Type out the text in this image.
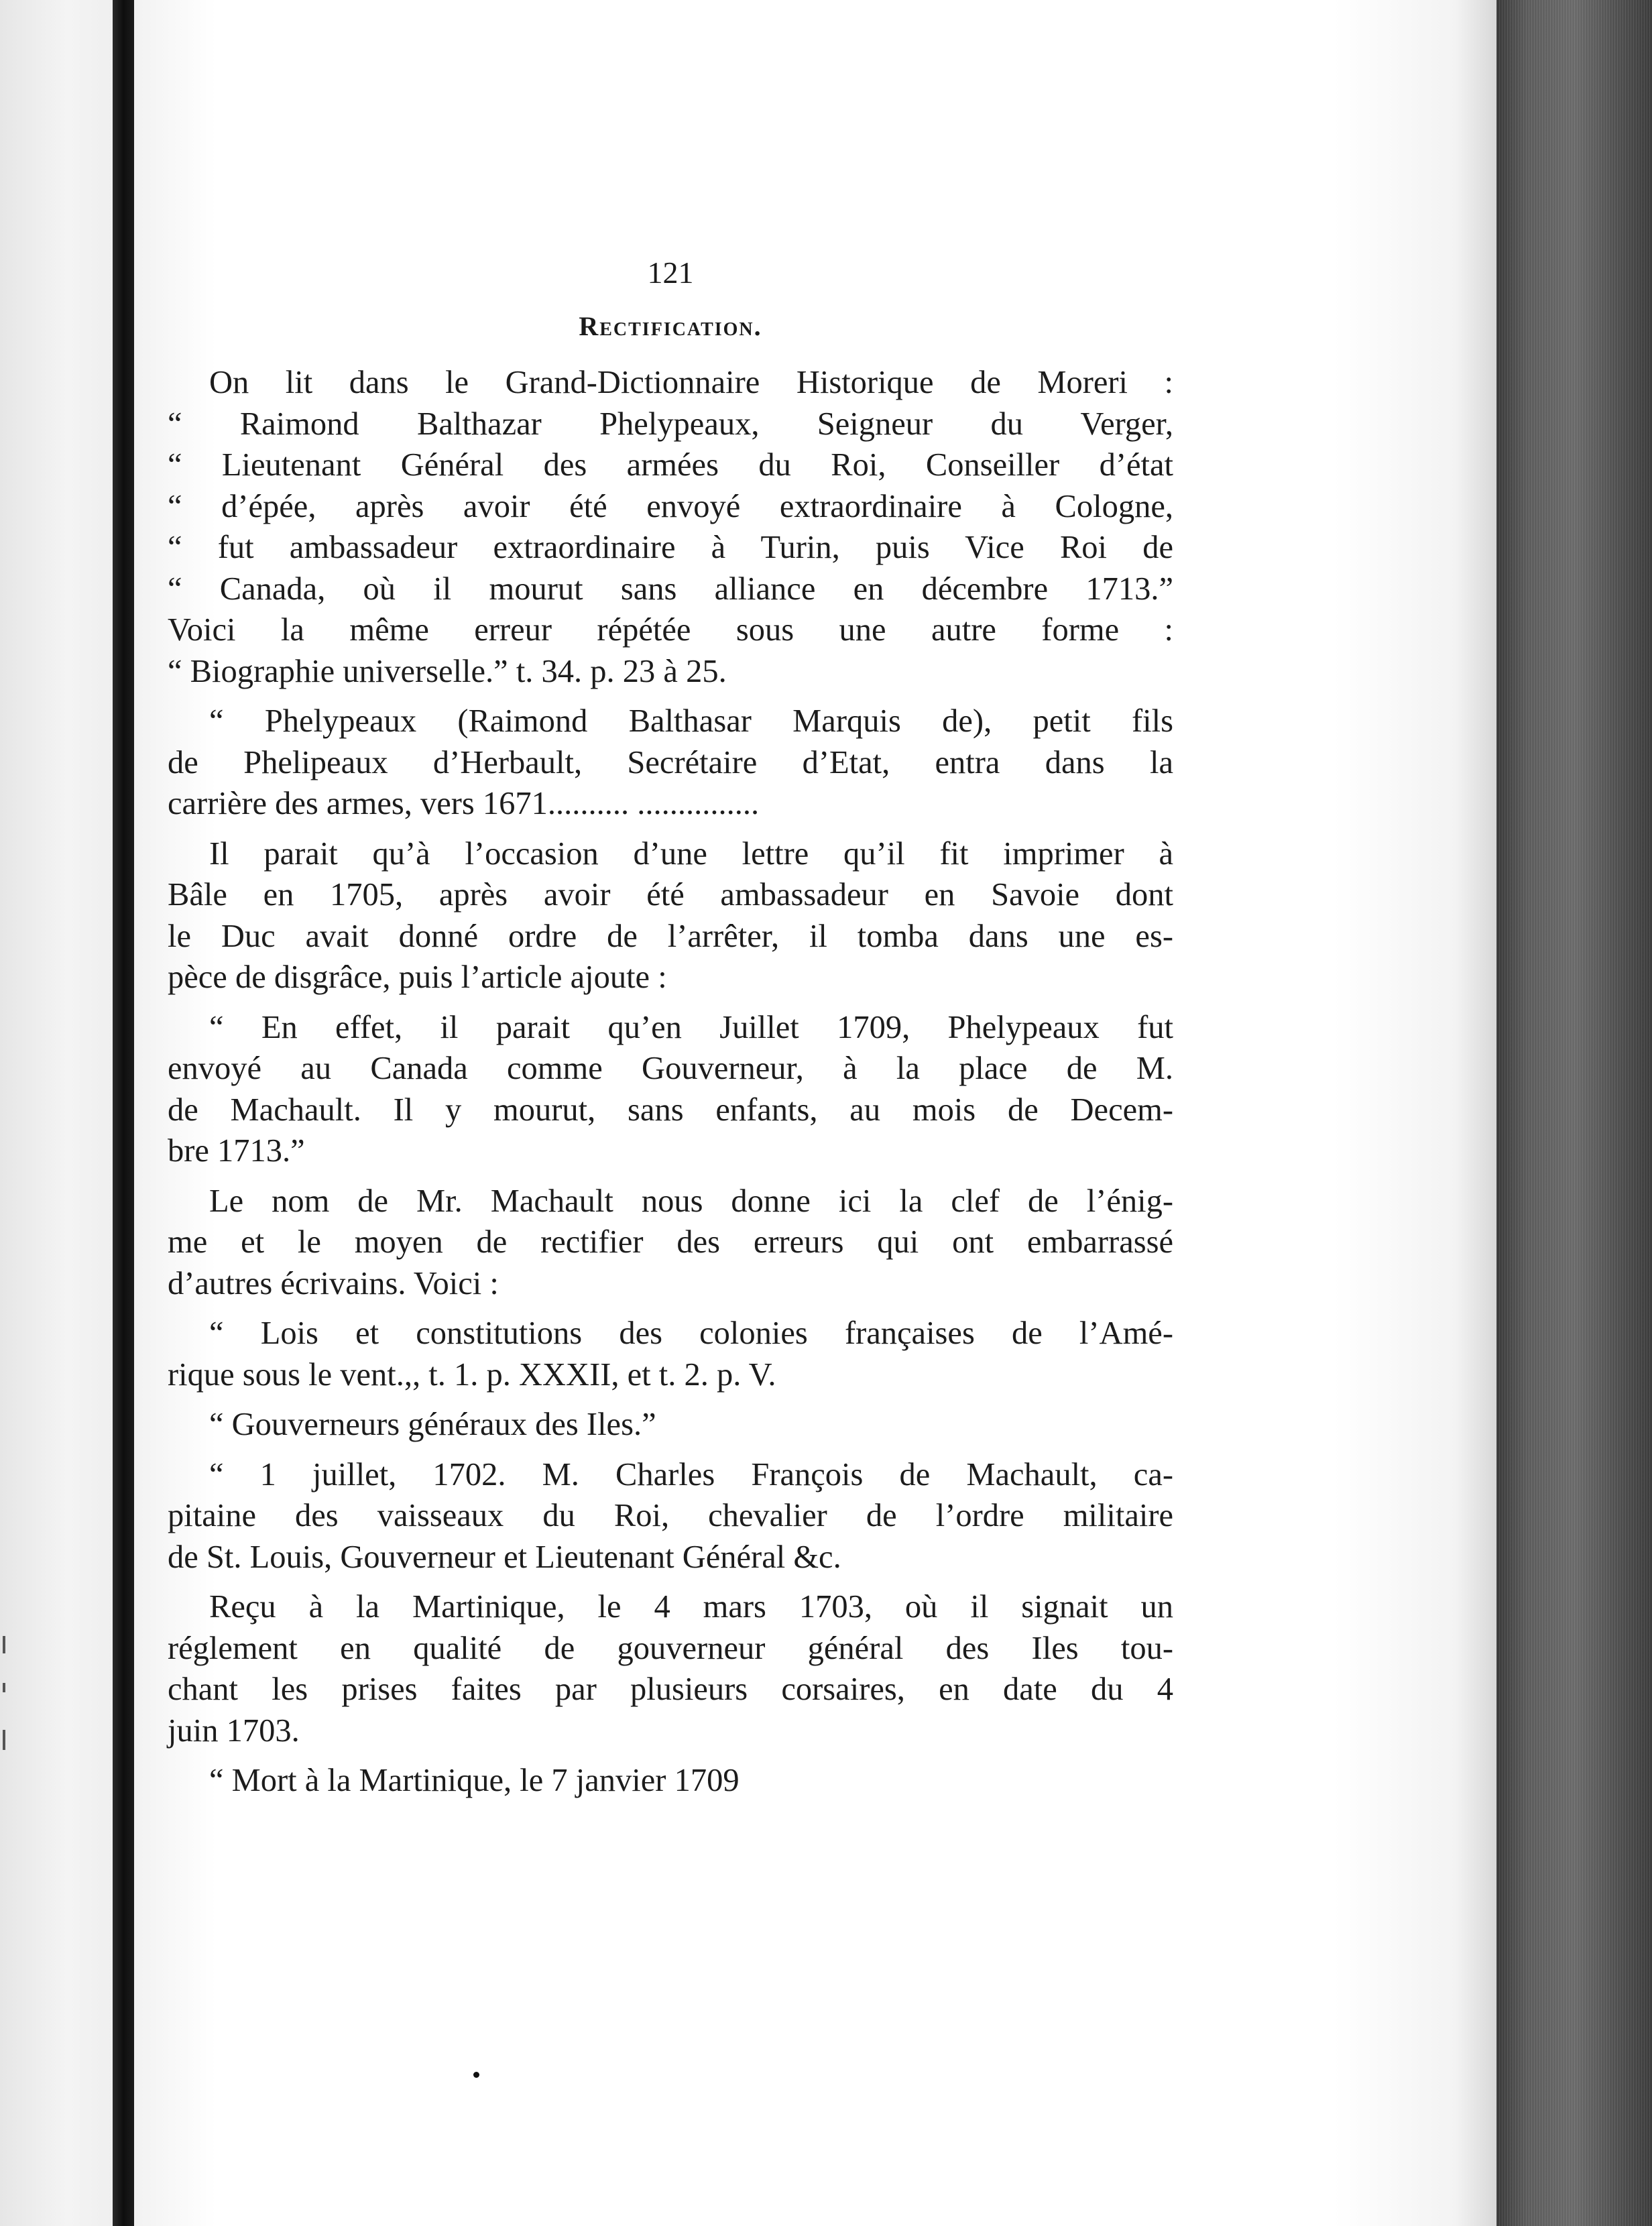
121
Rectification.
On lit dans le Grand-Dictionnaire Historique de Moreri :
“ Raimond Balthazar Phelypeaux, Seigneur du Verger,
“ Lieutenant Général des armées du Roi, Conseiller d’état
“ d’épée, après avoir été envoyé extraordinaire à Cologne,
“ fut ambassadeur extraordinaire à Turin, puis Vice Roi de
“ Canada, où il mourut sans alliance en décembre 1713.”
Voici la même erreur répétée sous une autre forme :
“ Biographie universelle.” t. 34. p. 23 à 25.
“ Phelypeaux (Raimond Balthasar Marquis de), petit fils
de Phelipeaux d’Herbault, Secrétaire d’Etat, entra dans la
carrière des armes, vers 1671.......... ...............
Il parait qu’à l’occasion d’une lettre qu’il fit imprimer à
Bâle en 1705, après avoir été ambassadeur en Savoie dont
le Duc avait donné ordre de l’arrêter, il tomba dans une es-
pèce de disgrâce, puis l’article ajoute :
“ En effet, il parait qu’en Juillet 1709, Phelypeaux fut
envoyé au Canada comme Gouverneur, à la place de M.
de Machault. Il y mourut, sans enfants, au mois de Decem-
bre 1713.”
Le nom de Mr. Machault nous donne ici la clef de l’énig-
me et le moyen de rectifier des erreurs qui ont embarrassé
d’autres écrivains. Voici :
“ Lois et constitutions des colonies françaises de l’Amé-
rique sous le vent.,, t. 1. p. XXXII, et t. 2. p. V.
“ Gouverneurs généraux des Iles.”
“ 1 juillet, 1702. M. Charles François de Machault, ca-
pitaine des vaisseaux du Roi, chevalier de l’ordre militaire
de St. Louis, Gouverneur et Lieutenant Général &c.
Reçu à la Martinique, le 4 mars 1703, où il signait un
réglement en qualité de gouverneur général des Iles tou-
chant les prises faites par plusieurs corsaires, en date du 4
juin 1703.
“ Mort à la Martinique, le 7 janvier 1709
